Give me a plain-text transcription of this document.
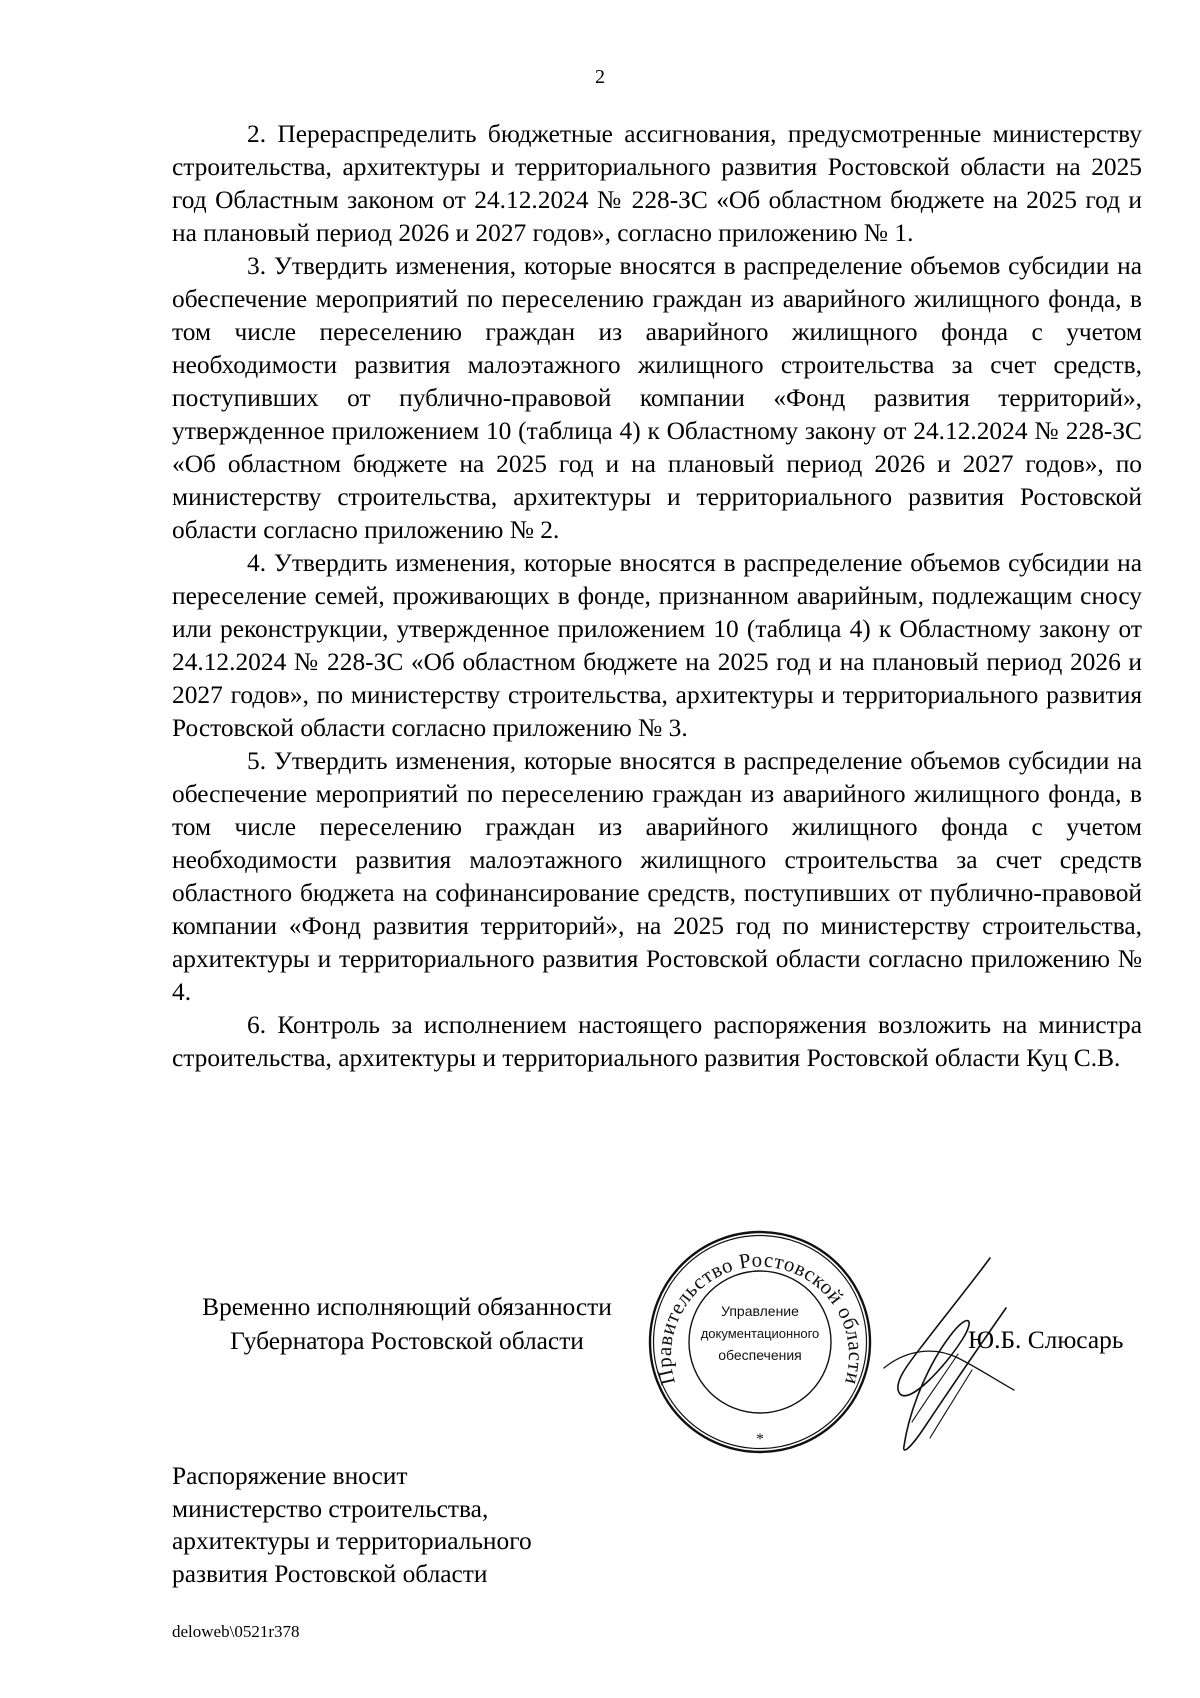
2

2. Перераспределить бюджетные ассигнования, предусмотренные министерству строительства, архитектуры и территориального развития Ростовской области на 2025 год Областным законом от 24.12.2024 № 228-ЗС «Об областном бюджете на 2025 год и на плановый период 2026 и 2027 годов», согласно приложению № 1.

3. Утвердить изменения, которые вносятся в распределение объемов субсидии на обеспечение мероприятий по переселению граждан из аварийного жилищного фонда, в том числе переселению граждан из аварийного жилищного фонда с учетом необходимости развития малоэтажного жилищного строительства за счет средств, поступивших от публично-правовой компании «Фонд развития территорий», утвержденное приложением 10 (таблица 4) к Областному закону от 24.12.2024 № 228-ЗС «Об областном бюджете на 2025 год и на плановый период 2026 и 2027 годов», по министерству строительства, архитектуры и территориального развития Ростовской области согласно приложению № 2.

4. Утвердить изменения, которые вносятся в распределение объемов субсидии на переселение семей, проживающих в фонде, признанном аварийным, подлежащим сносу или реконструкции, утвержденное приложением 10 (таблица 4) к Областному закону от 24.12.2024 № 228-ЗС «Об областном бюджете на 2025 год и на плановый период 2026 и 2027 годов», по министерству строительства, архитектуры и территориального развития Ростовской области согласно приложению № 3.

5. Утвердить изменения, которые вносятся в распределение объемов субсидии на обеспечение мероприятий по переселению граждан из аварийного жилищного фонда, в том числе переселению граждан из аварийного жилищного фонда с учетом необходимости развития малоэтажного жилищного строительства за счет средств областного бюджета на софинансирование средств, поступивших от публично-правовой компании «Фонд развития территорий», на 2025 год по министерству строительства, архитектуры и территориального развития Ростовской области согласно приложению № 4.

6. Контроль за исполнением настоящего распоряжения возложить на министра строительства, архитектуры и территориального развития Ростовской области Куц С.В.

Временно исполняющий обязанности
Губернатора Ростовской области
Правительство Ростовской области
Управление
документационного
обеспечения
*
Ю.Б. Слюсарь
Распоряжение вносит
министерство строительства,
архитектуры и территориального
развития Ростовской области
deloweb\0521r378
